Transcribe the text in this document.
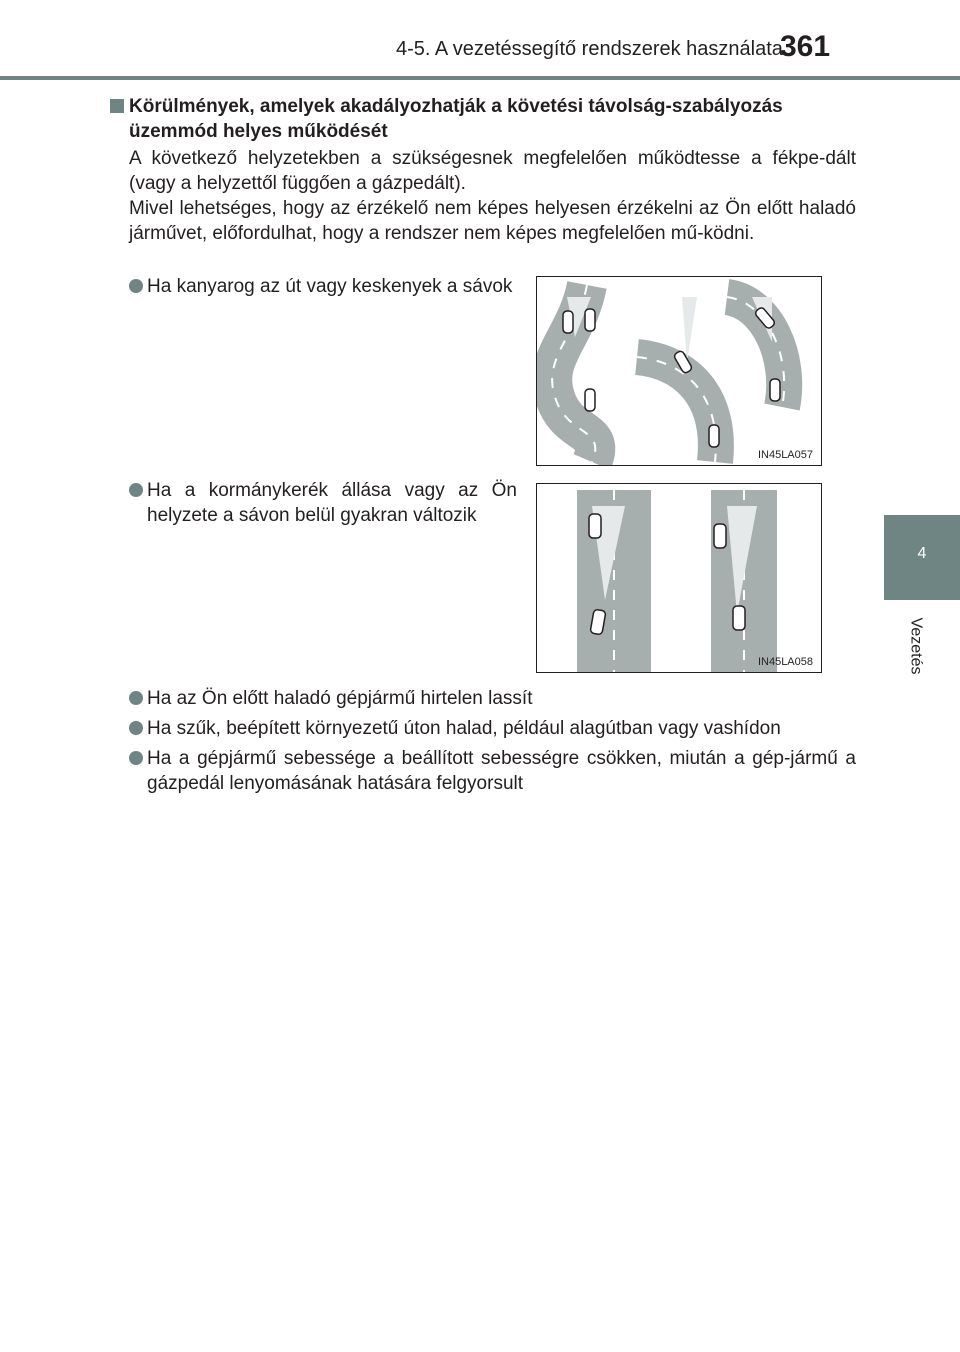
4-5. A vezetéssegítő rendszerek használata
361
4
Vezetés
Körülmények, amelyek akadályozhatják a követési távolság-szabályozás üzemmód helyes működését
A következő helyzetekben a szükségesnek megfelelően működtesse a fékpe-dált (vagy a helyzettől függően a gázpedált).
Mivel lehetséges, hogy az érzékelő nem képes helyesen érzékelni az Ön előtt haladó járművet, előfordulhat, hogy a rendszer nem képes megfelelően mű-ködni.
Ha kanyarog az út vagy keskenyek a sávok
IN45LA057
Ha a kormánykerék állása vagy az Ön helyzete a sávon belül gyakran változik
IN45LA058
Ha az Ön előtt haladó gépjármű hirtelen lassít
Ha szűk, beépített környezetű úton halad, például alagútban vagy vashídon
Ha a gépjármű sebessége a beállított sebességre csökken, miután a gép-jármű a gázpedál lenyomásának hatására felgyorsult
